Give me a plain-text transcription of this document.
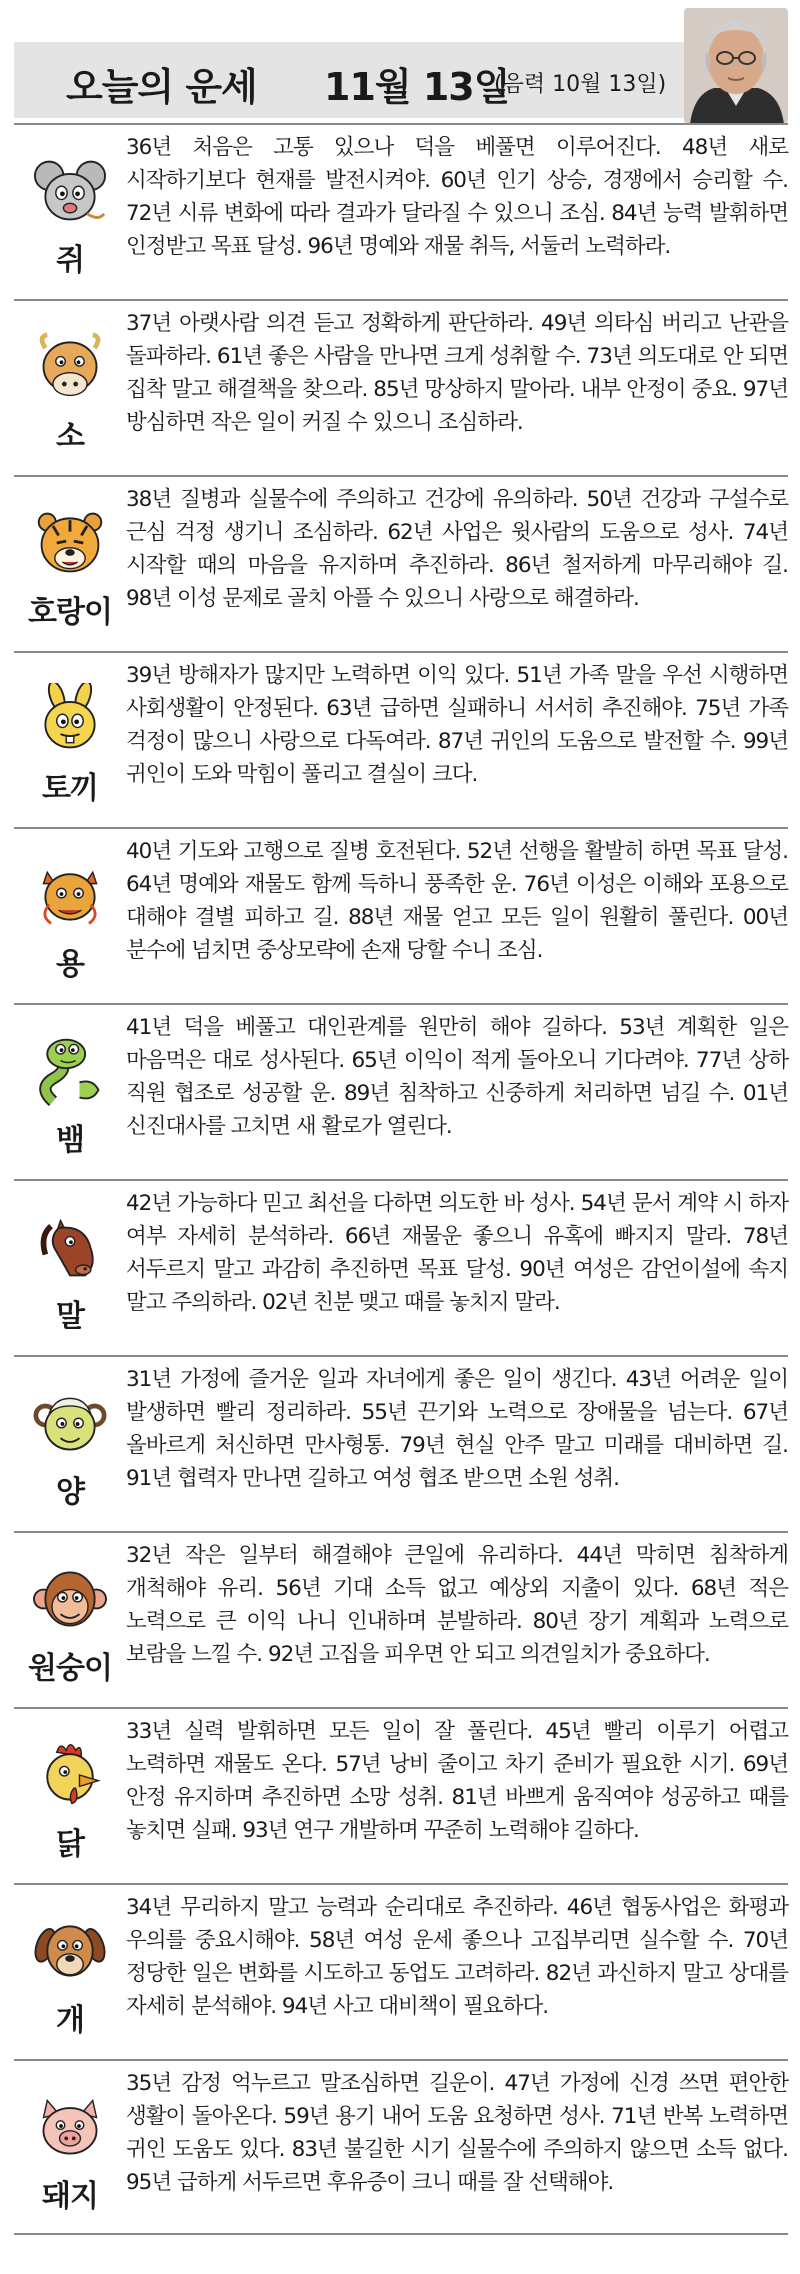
오늘의 운세 11월 13일
(음력 10월 13일)
쥐
36년 처음은 고통 있으나 덕을 베풀면 이루어진다. 48년 새로 시작하기보다 현재를 발전시켜야. 60년 인기 상승, 경쟁에서 승리할 수. 72년 시류 변화에 따라 결과가 달라질 수 있으니 조심. 84년 능력 발휘하면 인정받고 목표 달성. 96년 명예와 재물 취득, 서둘러 노력하라.
소
37년 아랫사람 의견 듣고 정확하게 판단하라. 49년 의타심 버리고 난관을 돌파하라. 61년 좋은 사람을 만나면 크게 성취할 수. 73년 의도대로 안 되면 집착 말고 해결책을 찾으라. 85년 망상하지 말아라. 내부 안정이 중요. 97년 방심하면 작은 일이 커질 수 있으니 조심하라.
호랑이
38년 질병과 실물수에 주의하고 건강에 유의하라. 50년 건강과 구설수로 근심 걱정 생기니 조심하라. 62년 사업은 윗사람의 도움으로 성사. 74년 시작할 때의 마음을 유지하며 추진하라. 86년 철저하게 마무리해야 길. 98년 이성 문제로 골치 아플 수 있으니 사랑으로 해결하라.
토끼
39년 방해자가 많지만 노력하면 이익 있다. 51년 가족 말을 우선 시행하면 사회생활이 안정된다. 63년 급하면 실패하니 서서히 추진해야. 75년 가족 걱정이 많으니 사랑으로 다독여라. 87년 귀인의 도움으로 발전할 수. 99년 귀인이 도와 막힘이 풀리고 결실이 크다.
용
40년 기도와 고행으로 질병 호전된다. 52년 선행을 활발히 하면 목표 달성. 64년 명예와 재물도 함께 득하니 풍족한 운. 76년 이성은 이해와 포용으로 대해야 결별 피하고 길. 88년 재물 얻고 모든 일이 원활히 풀린다. 00년 분수에 넘치면 중상모략에 손재 당할 수니 조심.
뱀
41년 덕을 베풀고 대인관계를 원만히 해야 길하다. 53년 계획한 일은 마음먹은 대로 성사된다. 65년 이익이 적게 돌아오니 기다려야. 77년 상하 직원 협조로 성공할 운. 89년 침착하고 신중하게 처리하면 넘길 수. 01년 신진대사를 고치면 새 활로가 열린다.
말
42년 가능하다 믿고 최선을 다하면 의도한 바 성사. 54년 문서 계약 시 하자 여부 자세히 분석하라. 66년 재물운 좋으니 유혹에 빠지지 말라. 78년 서두르지 말고 과감히 추진하면 목표 달성. 90년 여성은 감언이설에 속지 말고 주의하라. 02년 친분 맺고 때를 놓치지 말라.
양
31년 가정에 즐거운 일과 자녀에게 좋은 일이 생긴다. 43년 어려운 일이 발생하면 빨리 정리하라. 55년 끈기와 노력으로 장애물을 넘는다. 67년 올바르게 처신하면 만사형통. 79년 현실 안주 말고 미래를 대비하면 길. 91년 협력자 만나면 길하고 여성 협조 받으면 소원 성취.
원숭이
32년 작은 일부터 해결해야 큰일에 유리하다. 44년 막히면 침착하게 개척해야 유리. 56년 기대 소득 없고 예상외 지출이 있다. 68년 적은 노력으로 큰 이익 나니 인내하며 분발하라. 80년 장기 계획과 노력으로 보람을 느낄 수. 92년 고집을 피우면 안 되고 의견일치가 중요하다.
닭
33년 실력 발휘하면 모든 일이 잘 풀린다. 45년 빨리 이루기 어렵고 노력하면 재물도 온다. 57년 낭비 줄이고 차기 준비가 필요한 시기. 69년 안정 유지하며 추진하면 소망 성취. 81년 바쁘게 움직여야 성공하고 때를 놓치면 실패. 93년 연구 개발하며 꾸준히 노력해야 길하다.
개
34년 무리하지 말고 능력과 순리대로 추진하라. 46년 협동사업은 화평과 우의를 중요시해야. 58년 여성 운세 좋으나 고집부리면 실수할 수. 70년 정당한 일은 변화를 시도하고 동업도 고려하라. 82년 과신하지 말고 상대를 자세히 분석해야. 94년 사고 대비책이 필요하다.
돼지
35년 감정 억누르고 말조심하면 길운이. 47년 가정에 신경 쓰면 편안한 생활이 돌아온다. 59년 용기 내어 도움 요청하면 성사. 71년 반복 노력하면 귀인 도움도 있다. 83년 불길한 시기 실물수에 주의하지 않으면 소득 없다. 95년 급하게 서두르면 후유증이 크니 때를 잘 선택해야.
